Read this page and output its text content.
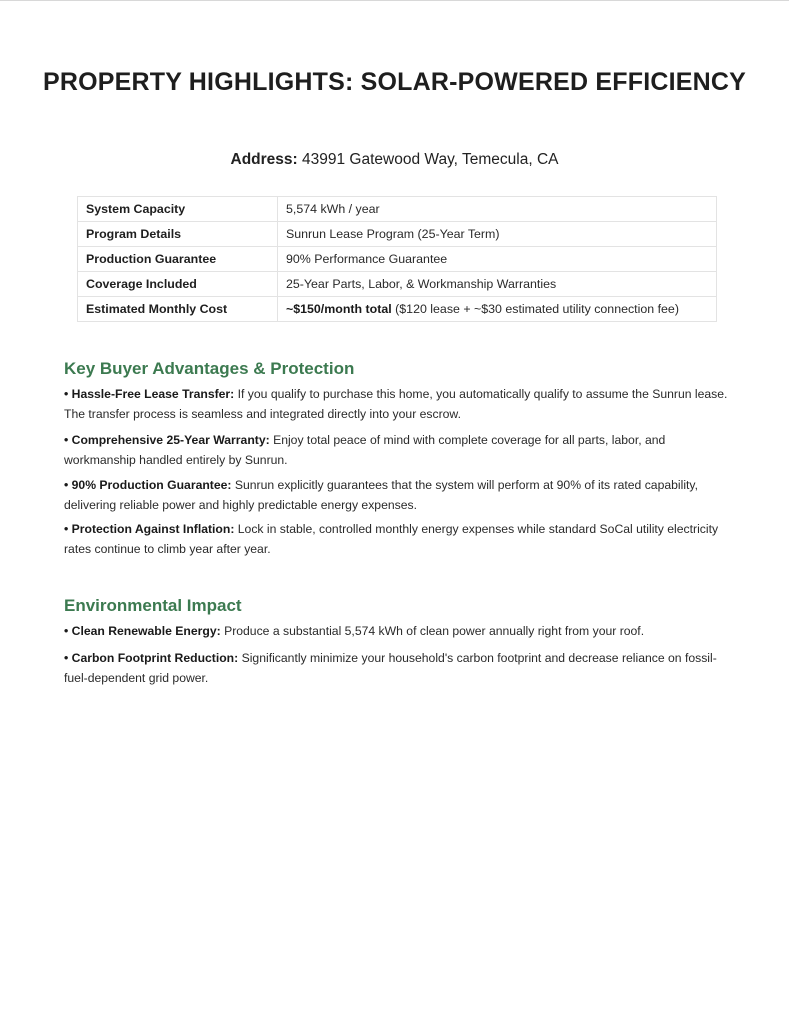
PROPERTY HIGHLIGHTS: SOLAR-POWERED EFFICIENCY
Address: 43991 Gatewood Way, Temecula, CA
System Capacity	5,574 kWh / year
Program Details	Sunrun Lease Program (25-Year Term)
Production Guarantee	90% Performance Guarantee
Coverage Included	25-Year Parts, Labor, & Workmanship Warranties
Estimated Monthly Cost	~$150/month total ($120 lease + ~$30 estimated utility connection fee)
Key Buyer Advantages & Protection

• Hassle-Free Lease Transfer: If you qualify to purchase this home, you automatically qualify to assume the Sunrun lease. The transfer process is seamless and integrated directly into your escrow.

• Comprehensive 25-Year Warranty: Enjoy total peace of mind with complete coverage for all parts, labor, and workmanship handled entirely by Sunrun.

• 90% Production Guarantee: Sunrun explicitly guarantees that the system will perform at 90% of its rated capability, delivering reliable power and highly predictable energy expenses.

• Protection Against Inflation: Lock in stable, controlled monthly energy expenses while standard SoCal utility electricity rates continue to climb year after year.

Environmental Impact

• Clean Renewable Energy: Produce a substantial 5,574 kWh of clean power annually right from your roof.

• Carbon Footprint Reduction: Significantly minimize your household's carbon footprint and decrease reliance on fossil-fuel-dependent grid power.
